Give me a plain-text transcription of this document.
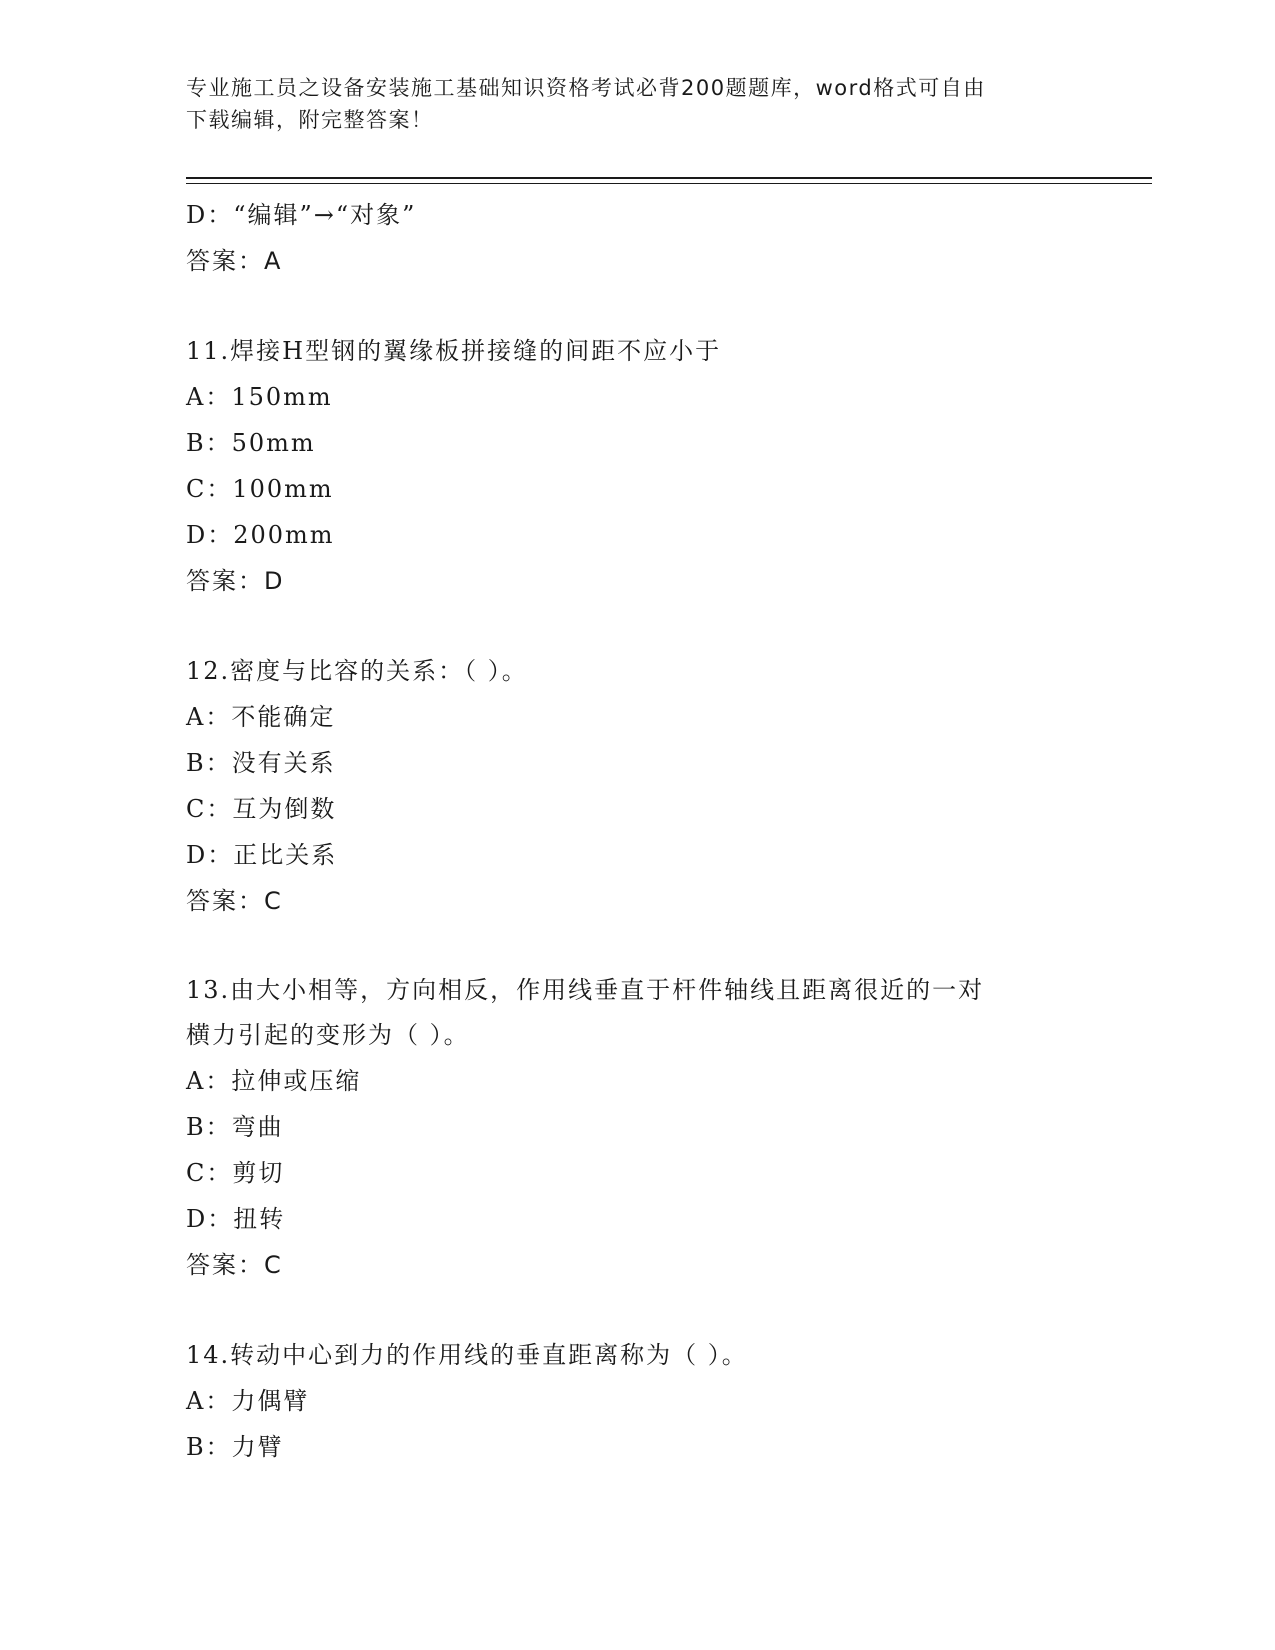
专业施工员之设备安装施工基础知识资格考试必背200题题库，word格式可自由
下载编辑，附完整答案！
D：“编辑”→“对象”
答案：A
11.焊接H型钢的翼缘板拼接缝的间距不应小于
A：150mm
B：50mm
C：100mm
D：200mm
答案：D
12.密度与比容的关系：（ ）。
A：不能确定
B：没有关系
C：互为倒数
D：正比关系
答案：C
13.由大小相等，方向相反，作用线垂直于杆件轴线且距离很近的一对
横力引起的变形为（ ）。
A：拉伸或压缩
B：弯曲
C：剪切
D：扭转
答案：C
14.转动中心到力的作用线的垂直距离称为（ ）。
A：力偶臂
B：力臂
